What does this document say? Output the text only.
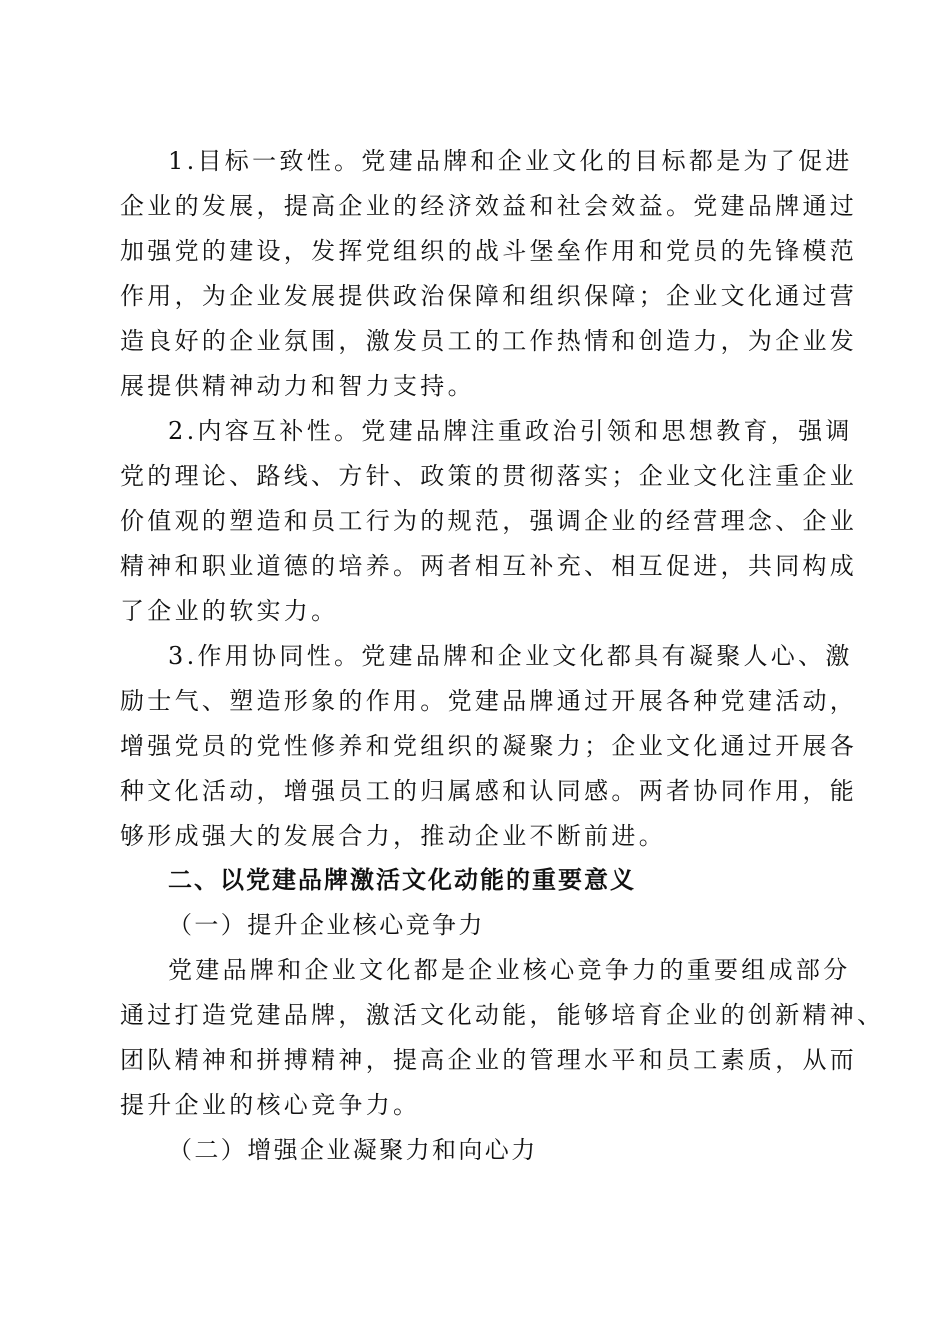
1.目标一致性。党建品牌和企业文化的目标都是为了促进
企业的发展，提高企业的经济效益和社会效益。党建品牌通过
加强党的建设，发挥党组织的战斗堡垒作用和党员的先锋模范
作用，为企业发展提供政治保障和组织保障；企业文化通过营
造良好的企业氛围，激发员工的工作热情和创造力，为企业发
展提供精神动力和智力支持。
2.内容互补性。党建品牌注重政治引领和思想教育，强调
党的理论、路线、方针、政策的贯彻落实；企业文化注重企业
价值观的塑造和员工行为的规范，强调企业的经营理念、企业
精神和职业道德的培养。两者相互补充、相互促进，共同构成
了企业的软实力。
3.作用协同性。党建品牌和企业文化都具有凝聚人心、激
励士气、塑造形象的作用。党建品牌通过开展各种党建活动，
增强党员的党性修养和党组织的凝聚力；企业文化通过开展各
种文化活动，增强员工的归属感和认同感。两者协同作用，能
够形成强大的发展合力，推动企业不断前进。
二、以党建品牌激活文化动能的重要意义
（一）提升企业核心竞争力
党建品牌和企业文化都是企业核心竞争力的重要组成部分
通过打造党建品牌，激活文化动能，能够培育企业的创新精神、
团队精神和拼搏精神，提高企业的管理水平和员工素质，从而
提升企业的核心竞争力。
（二）增强企业凝聚力和向心力
